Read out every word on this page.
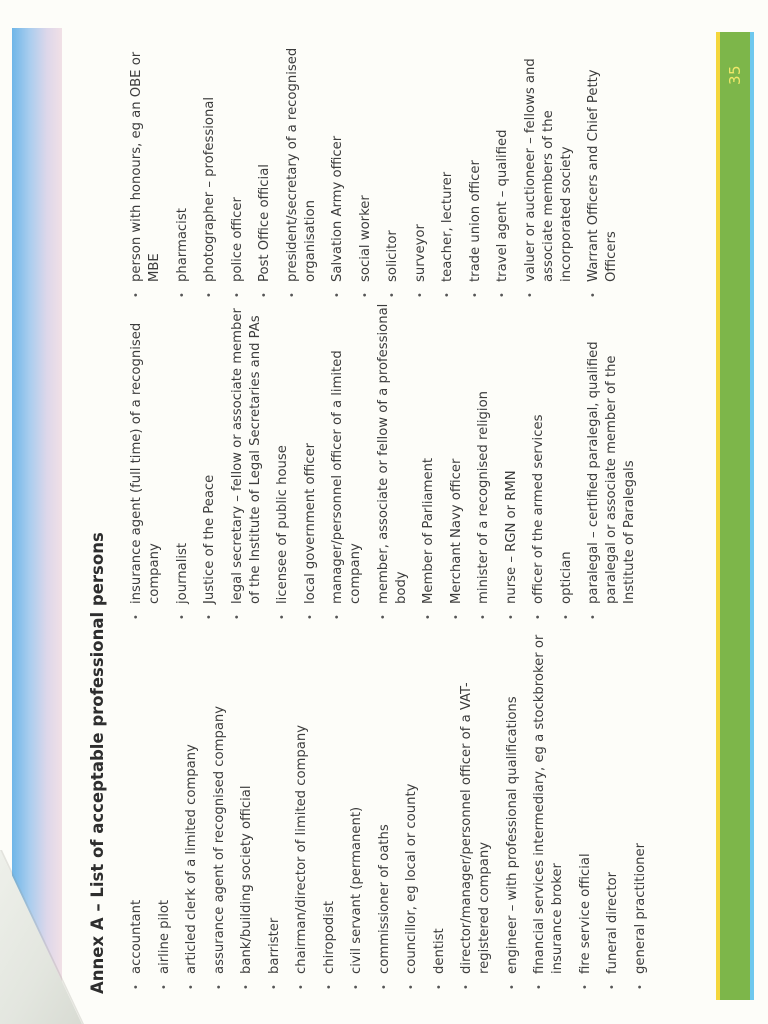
35
Annex A – List of acceptable professional persons	•
accountant
•
airline pilot
•
articled clerk of a limited company
•
assurance agent of recognised company
•
bank/building society official
•
barrister
•
chairman/director of limited company
•
chiropodist
•
civil servant (permanent)
•
commissioner of oaths
•
councillor, eg local or county
•
dentist
•
director/manager/personnel officer of a VAT-registered company
•
engineer – with professional qualifications
•
financial services intermediary, eg a stockbroker or insurance broker
•
fire service official
•
funeral director
•
general practitioner
•
insurance agent (full time) of a recognised company
•
journalist
•
Justice of the Peace
•
legal secretary – fellow or associate member of the Institute of Legal Secretaries and PAs
•
licensee of public house
•
local government officer
•
manager/personnel officer of a limited company
•
member, associate or fellow of a professional body
•
Member of Parliament
•
Merchant Navy officer
•
minister of a recognised religion
•
nurse – RGN or RMN
•
officer of the armed services
•
optician
•
paralegal – certified paralegal, qualified paralegal or associate member of the Institute of Paralegals
•
person with honours, eg an OBE or MBE
•
pharmacist
•
photographer – professional
•
police officer
•
Post Office official
•
president/secretary of a recognised organisation
•
Salvation Army officer
•
social worker
•
solicitor
•
surveyor
•
teacher, lecturer
•
trade union officer
•
travel agent – qualified
•
valuer or auctioneer – fellows and associate members of the incorporated society
•
Warrant Officers and Chief Petty Officers
